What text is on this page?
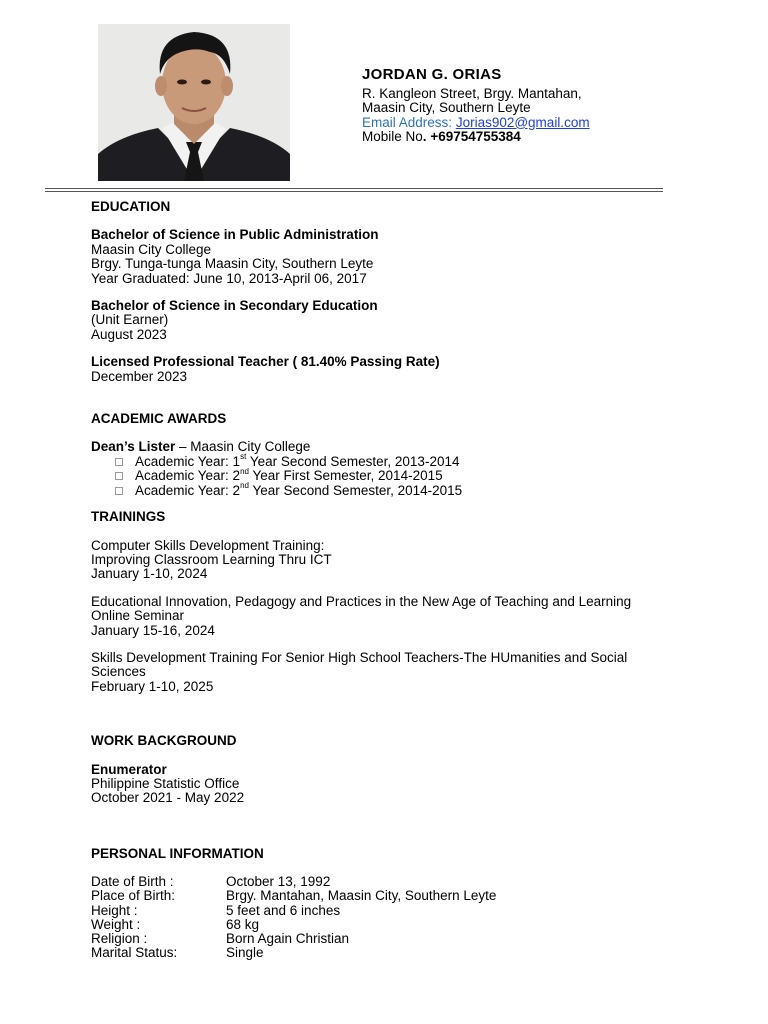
JORDAN G. ORIAS
R. Kangleon Street, Brgy. Mantahan,
Maasin City, Southern Leyte
Email Address: Jorias902@gmail.com
Mobile No. +69754755384
EDUCATION
Bachelor of Science in Public Administration
Maasin City College
Brgy. Tunga-tunga Maasin City, Southern Leyte
Year Graduated: June 10, 2013-April 06, 2017
Bachelor of Science in Secondary Education
(Unit Earner)
August 2023
Licensed Professional Teacher ( 81.40% Passing Rate)
December 2023
ACADEMIC AWARDS
Dean’s Lister – Maasin City College
Academic Year: 1st Year Second Semester, 2013-2014
Academic Year: 2nd Year First Semester, 2014-2015
Academic Year: 2nd Year Second Semester, 2014-2015
TRAININGS
Computer Skills Development Training:
Improving Classroom Learning Thru ICT
January 1-10, 2024
Educational Innovation, Pedagogy and Practices in the New Age of Teaching and Learning
Online Seminar
January 15-16, 2024
Skills Development Training For Senior High School Teachers-The HUmanities and Social
Sciences
February 1-10, 2025
WORK BACKGROUND
Enumerator
Philippine Statistic Office
October 2021 - May 2022
PERSONAL INFORMATION
Date of Birth :	October 13, 1992
Place of Birth:	Brgy. Mantahan, Maasin City, Southern Leyte
Height :	5 feet and 6 inches
Weight :	68 kg
Religion :	Born Again Christian
Marital Status:	Single
